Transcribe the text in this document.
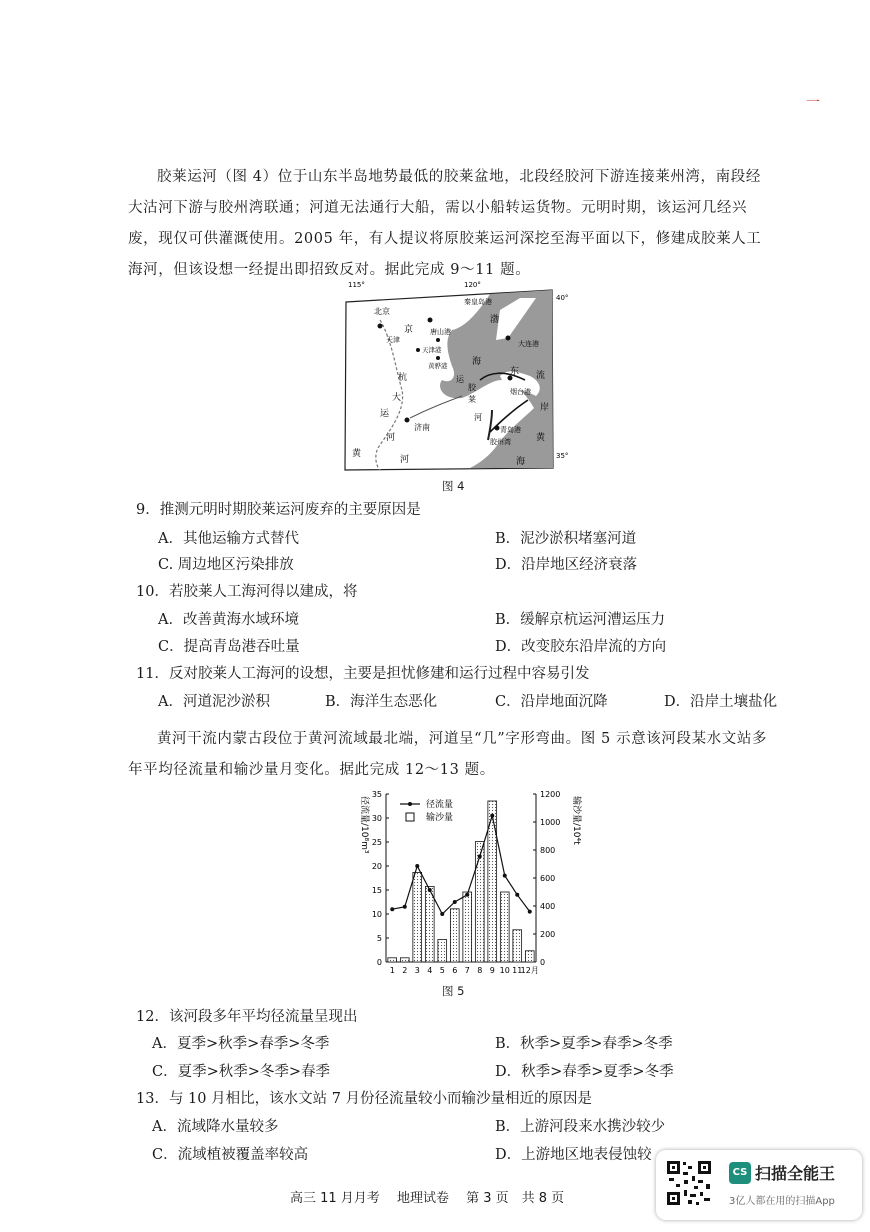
一
胶莱运河（图 4）位于山东半岛地势最低的胶莱盆地，北段经胶河下游连接莱州湾，南段经大沽河下游与胶州湾联通；河道无法通行大船，需以小船转运货物。元明时期，该运河几经兴废，现仅可供灌溉使用。2005 年，有人提议将原胶莱运河深挖至海平面以下，修建成胶莱人工海河，但该设想一经提出即招致反对。据此完成 9～11 题。
115°	120°
40°
35°
北京
秦皇岛港
唐山港
天津
天津港
黄骅港
济南
大连港
烟台港
青岛港
胶州湾
京
杭
大
运
河
黄
河
渤
海
东
岸
流
黄
海
胶
莱
运
河
图 4
9．推测元明时期胶莱运河废弃的主要原因是
A．其他运输方式替代	B．泥沙淤积堵塞河道
C. 周边地区污染排放	D．沿岸地区经济衰落
10．若胶莱人工海河得以建成，将
A．改善黄海水域环境	B．缓解京杭运河漕运压力
C．提高青岛港吞吐量	D．改变胶东沿岸流的方向
11．反对胶莱人工海河的设想，主要是担忧修建和运行过程中容易引发
A．河道泥沙淤积	B．海洋生态恶化	C．沿岸地面沉降	D．沿岸土壤盐化
黄河干流内蒙古段位于黄河流域最北端，河道呈“几”字形弯曲。图 5 示意该河段某水文站多年平均径流量和输沙量月变化。据此完成 12～13 题。
0
5
10
15
20
25
30
35
0
200
400
600
800
1000
1200
径流量/10⁸m³	输沙量/10⁴t
1 2 3 4 5 6 7 8 9 10 11
12月
径流量
输沙量
图 5
12．该河段多年平均径流量呈现出
A．夏季>秋季>春季>冬季	B．秋季>夏季>春季>冬季
C．夏季>秋季>冬季>春季	D．秋季>春季>夏季>冬季
13．与 10 月相比，该水文站 7 月份径流量较小而输沙量相近的原因是
A．流域降水量较多	B．上游河段来水携沙较少
C．流域植被覆盖率较高	D．上游地区地表侵蚀较
高三 11 月月考　 地理试卷　 第 3 页　共 8 页
CS 扫描全能王
3亿人都在用的扫描App
